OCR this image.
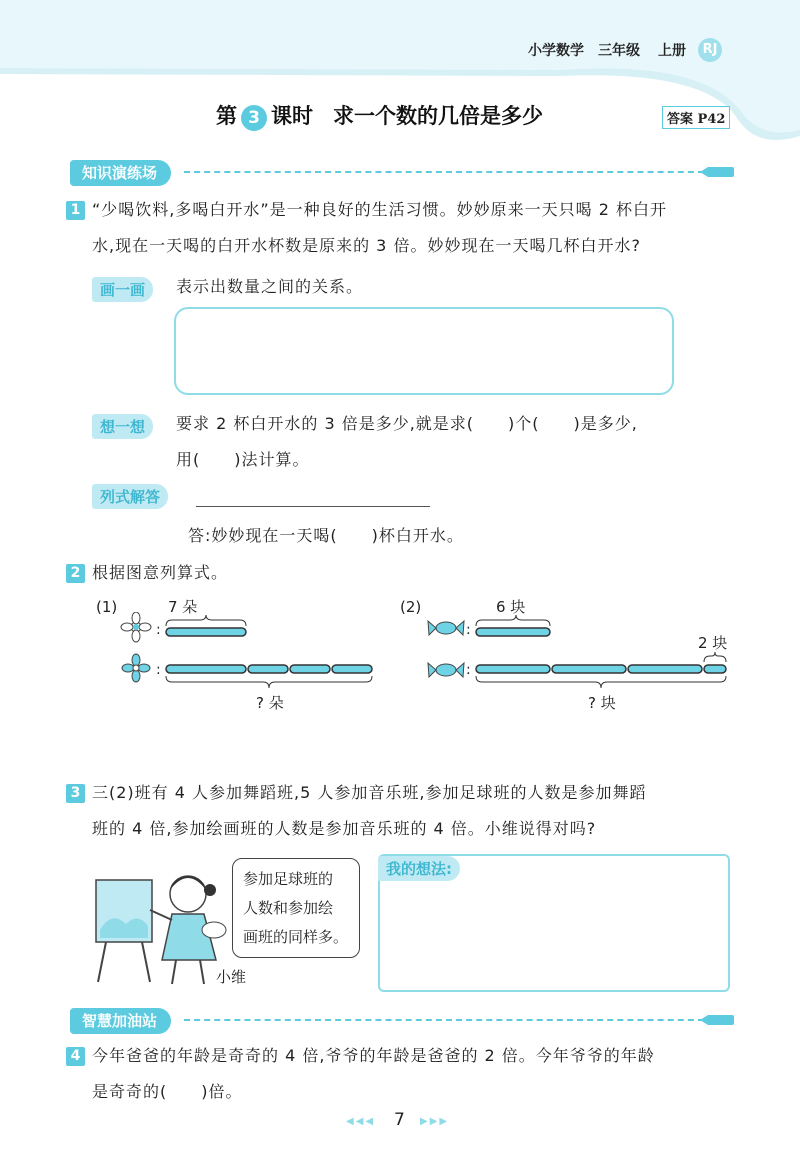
小学数学 三年级 上册	RJ
第 3 课时 求一个数的几倍是多少	答案 P42
知识演练场
1 “少喝饮料,多喝白开水”是一种良好的生活习惯。妙妙原来一天只喝 2 杯白开
水,现在一天喝的白开水杯数是原来的 3 倍。妙妙现在一天喝几杯白开水?
画一画	表示出数量之间的关系。
想一想	要求 2 杯白开水的 3 倍是多少,就是求(　　)个(　　)是多少,
用(　　)法计算。
列式解答
答:妙妙现在一天喝(　　)杯白开水。
2 根据图意列算式。
(1)	7 朵
:
:
? 朵
(2)	6 块
2 块
:
:
? 块
3 三(2)班有 4 人参加舞蹈班,5 人参加音乐班,参加足球班的人数是参加舞蹈
班的 4 倍,参加绘画班的人数是参加音乐班的 4 倍。小维说得对吗?
参加足球班的
人数和参加绘
画班的同样多。
小维
我的想法:
智慧加油站
4 今年爸爸的年龄是奇奇的 4 倍,爷爷的年龄是爸爸的 2 倍。今年爷爷的年龄
是奇奇的(　　)倍。
◀◀◀ 7 ▶▶▶
